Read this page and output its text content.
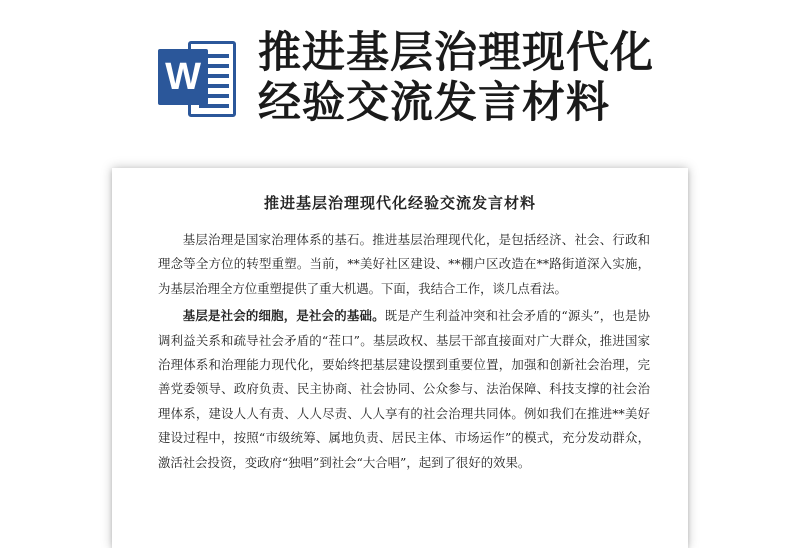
W 推进基层治理现代化
经验交流发言材料
推进基层治理现代化经验交流发言材料

基层治理是国家治理体系的基石。推进基层治理现代化，是包括经济、社会、行政和理念等全方位的转型重塑。当前，**美好社区建设、**棚户区改造在**路街道深入实施，为基层治理全方位重塑提供了重大机遇。下面，我结合工作，谈几点看法。

基层是社会的细胞，是社会的基础。既是产生利益冲突和社会矛盾的“源头”，也是协调利益关系和疏导社会矛盾的“茬口”。基层政权、基层干部直接面对广大群众，推进国家治理体系和治理能力现代化，要始终把基层建设摆到重要位置，加强和创新社会治理，完善党委领导、政府负责、民主协商、社会协同、公众参与、法治保障、科技支撑的社会治理体系，建设人人有责、人人尽责、人人享有的社会治理共同体。例如我们在推进**美好建设过程中，按照“市级统筹、属地负责、居民主体、市场运作”的模式，充分发动群众，激活社会投资，变政府“独唱”到社会“大合唱”，起到了很好的效果。
